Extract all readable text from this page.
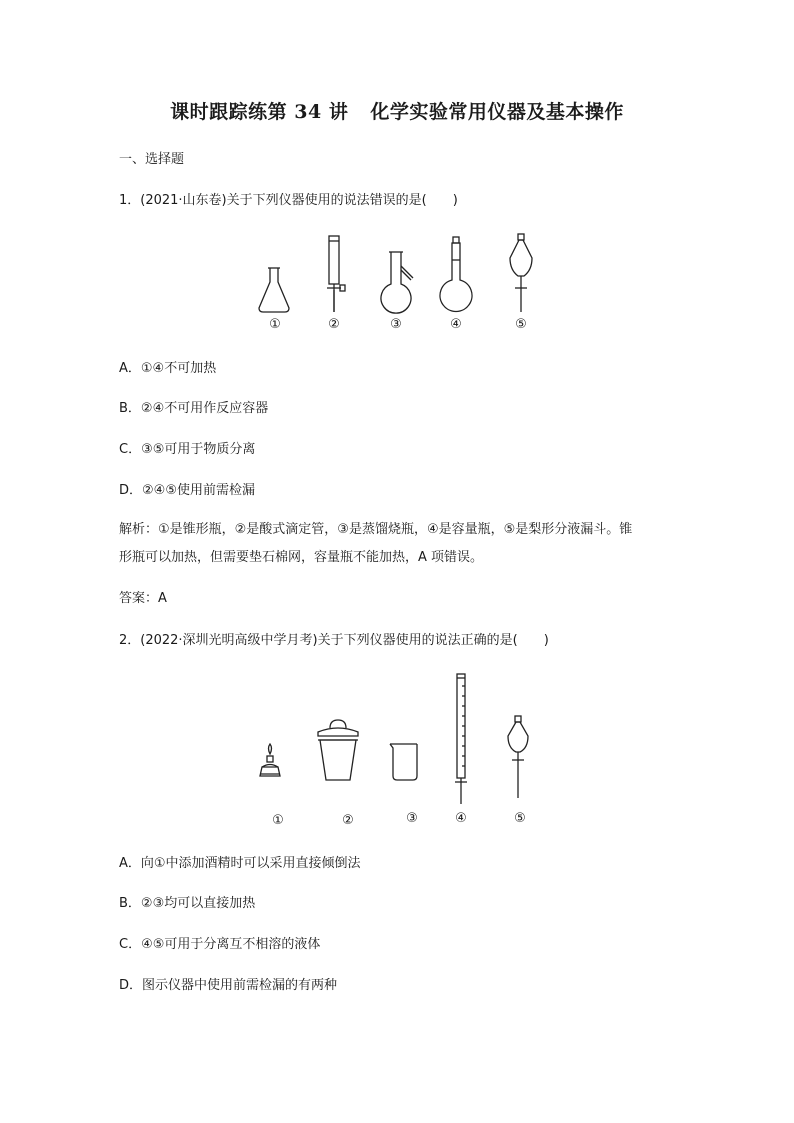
课时跟踪练第 34 讲 化学实验常用仪器及基本操作
一、选择题
1．(2021·山东卷)关于下列仪器使用的说法错误的是(　　)
①	②	③	④	⑤
A．①④不可加热
B．②④不可用作反应容器
C．③⑤可用于物质分离
D．②④⑤使用前需检漏
解析：①是锥形瓶，②是酸式滴定管，③是蒸馏烧瓶，④是容量瓶，⑤是梨形分液漏斗。锥
形瓶可以加热，但需要垫石棉网，容量瓶不能加热，A 项错误。
答案：A
2．(2022·深圳光明高级中学月考)关于下列仪器使用的说法正确的是(　　)
①	②	③	④	⑤
A．向①中添加酒精时可以采用直接倾倒法
B．②③均可以直接加热
C．④⑤可用于分离互不相溶的液体
D．图示仪器中使用前需检漏的有两种
